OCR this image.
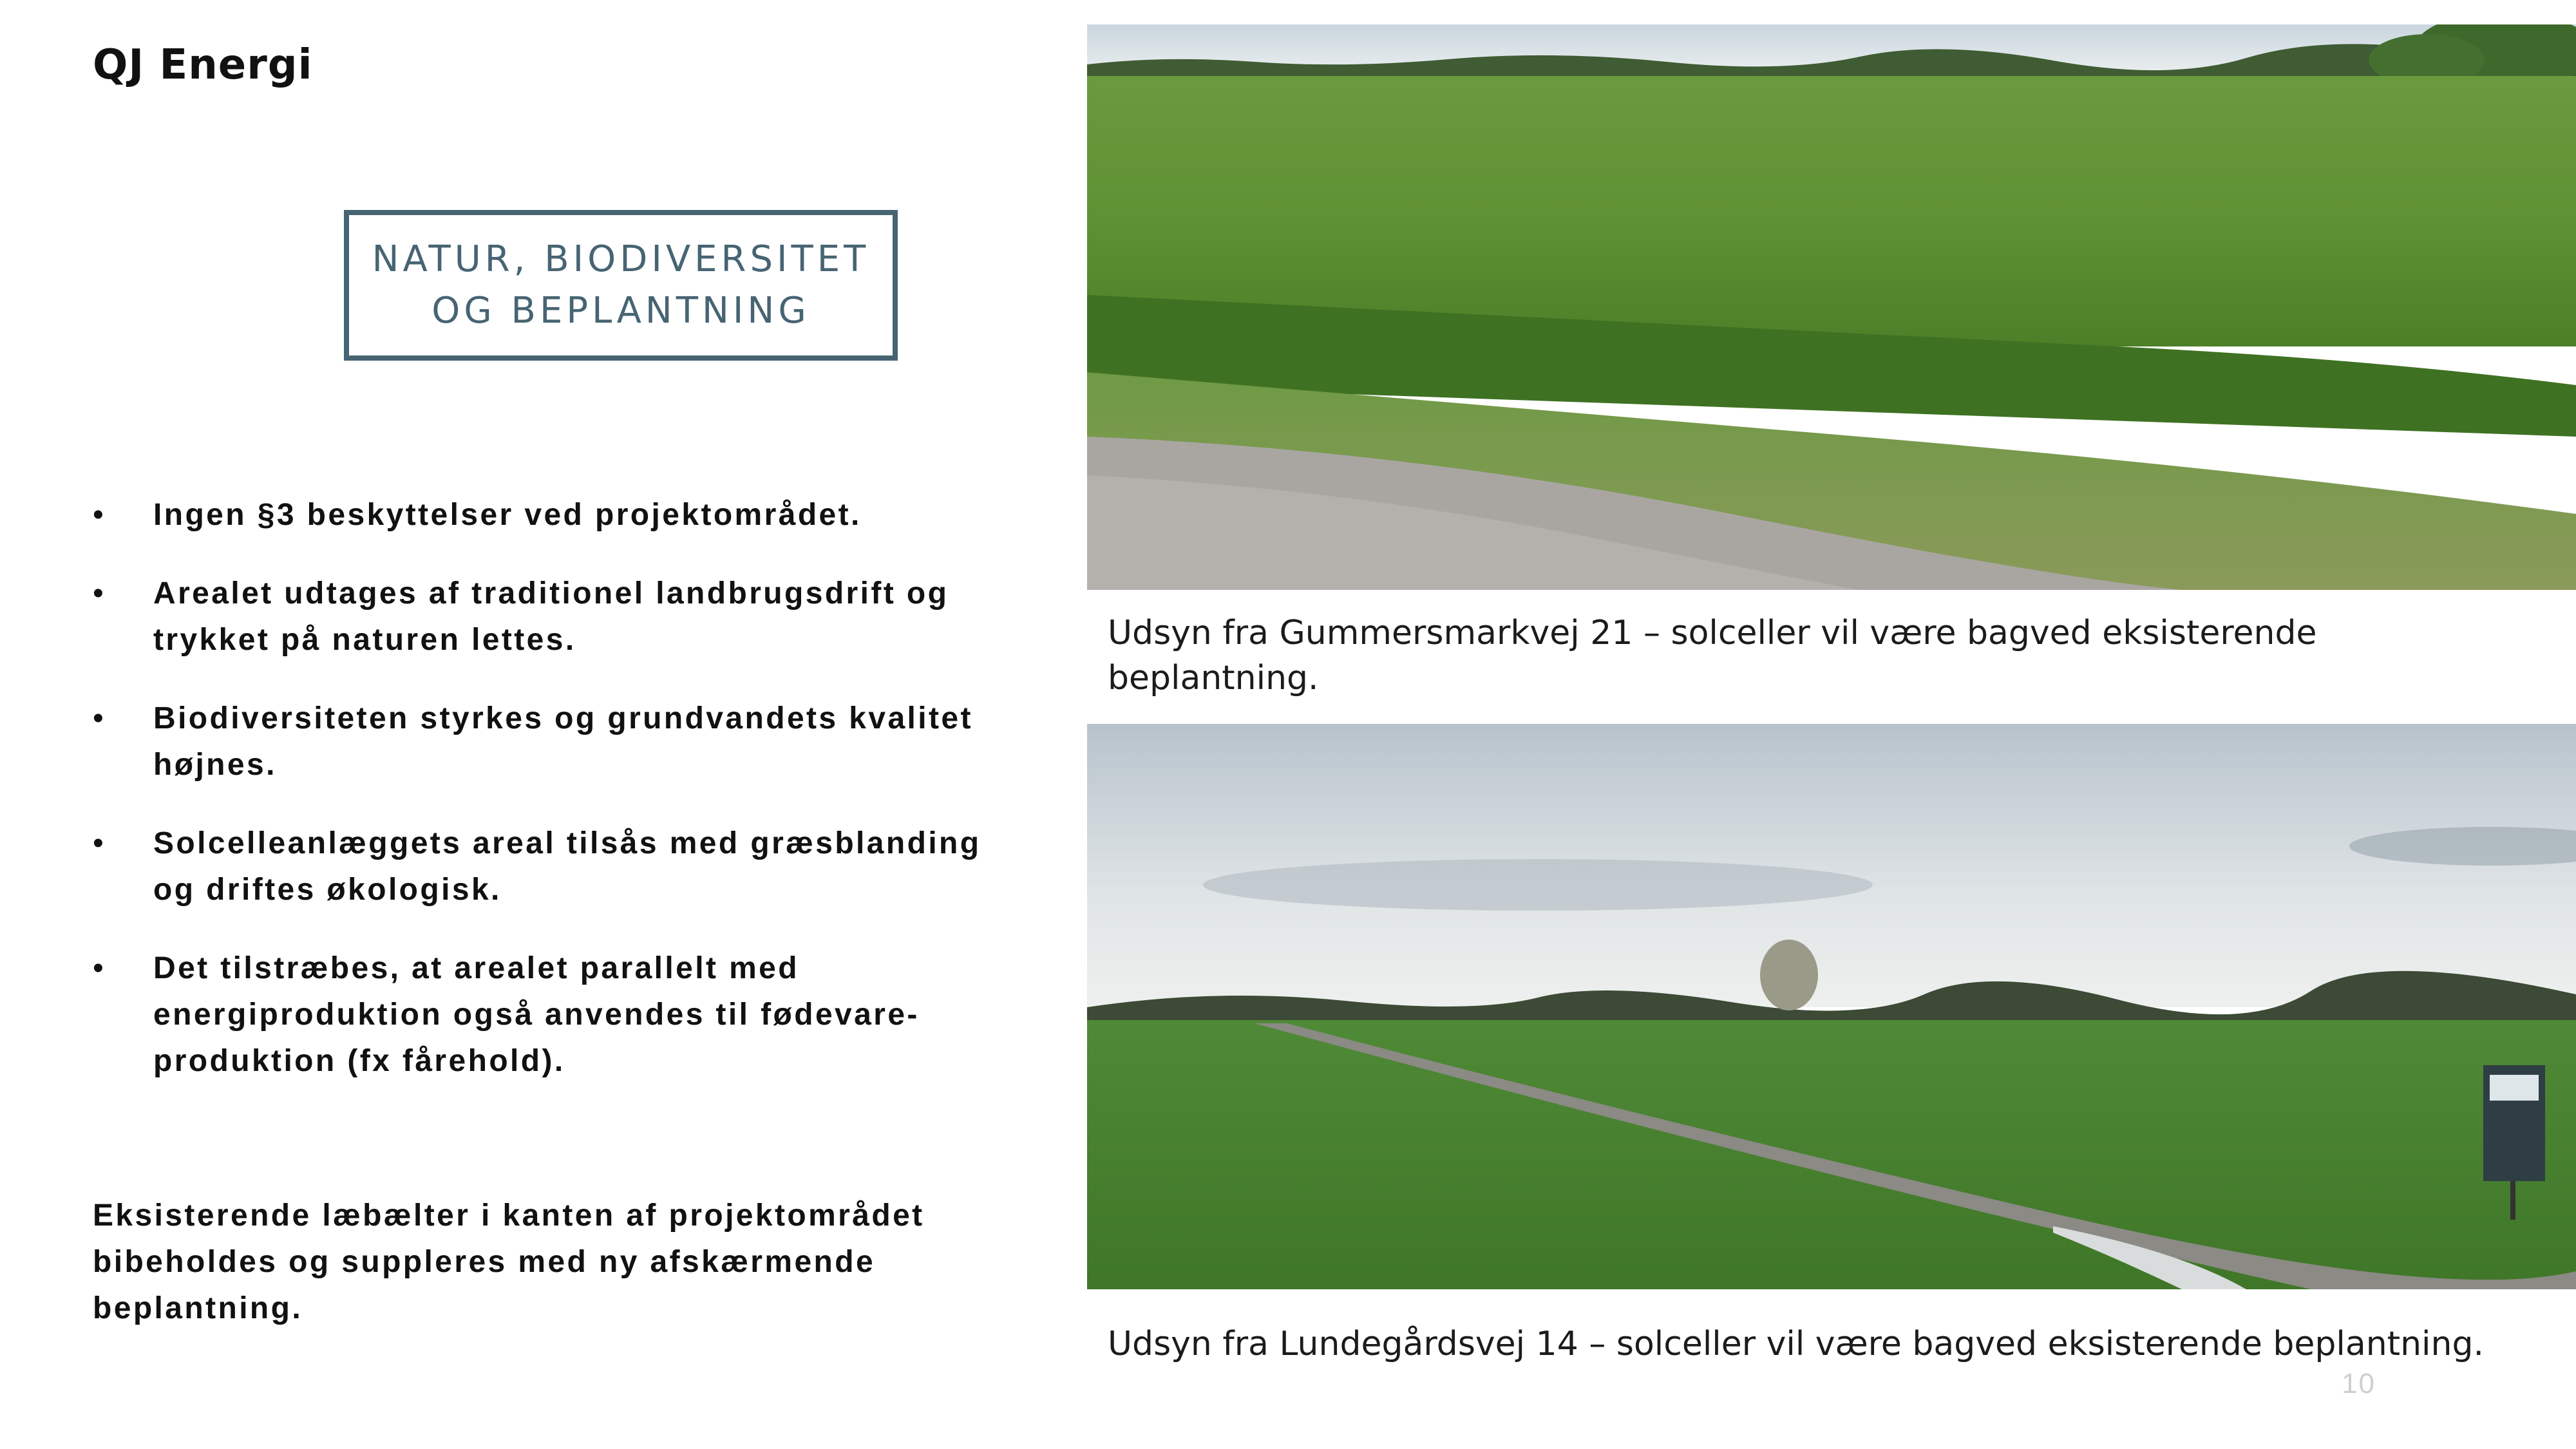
QJ Energi
NATUR, BIODIVERSITET
OG BEPLANTNING
• Ingen §3 beskyttelser ved projektområdet.
• Arealet udtages af traditionel landbrugsdrift og trykket på naturen lettes.
• Biodiversiteten styrkes og grundvandets kvalitet højnes.
• Solcelleanlæggets areal tilsås med græsblanding og driftes økologisk.
• Det tilstræbes, at arealet parallelt med energiproduktion også anvendes til fødevare-produktion (fx fårehold).
Eksisterende læbælter i kanten af projektområdet bibeholdes og suppleres med ny afskærmende beplantning.
Udsyn fra Gummersmarkvej 21 – solceller vil være bagved eksisterende beplantning.
Udsyn fra Lundegårdsvej 14 – solceller vil være bagved eksisterende beplantning.
10
